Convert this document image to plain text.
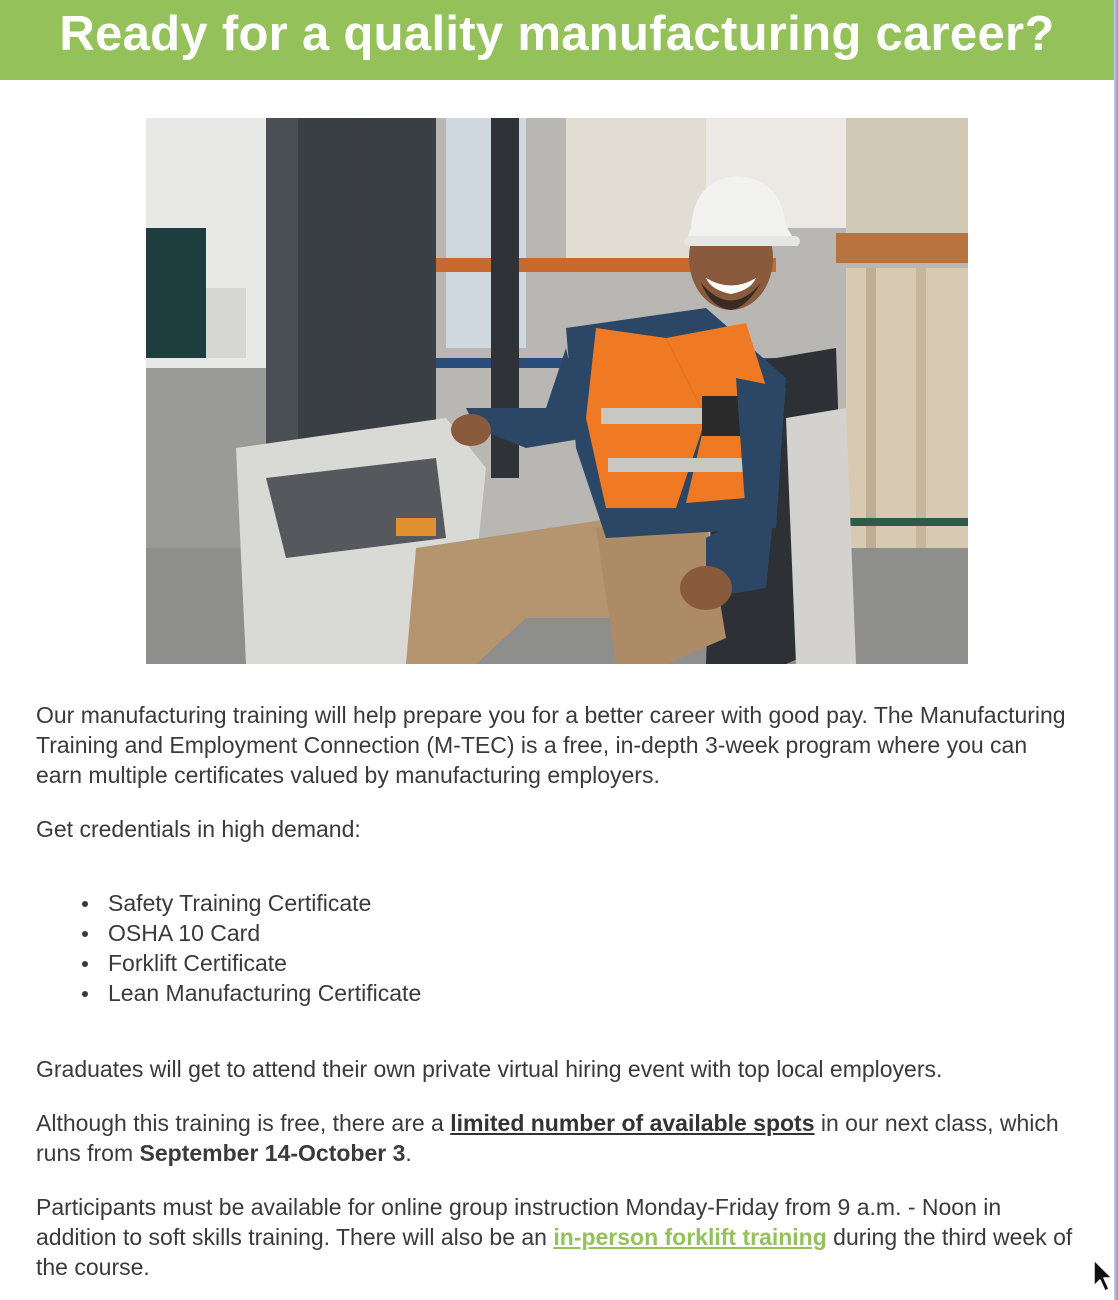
Ready for a quality manufacturing career?

Our manufacturing training will help prepare you for a better career with good pay. The Manufacturing Training and Employment Connection (M-TEC) is a free, in-depth 3-week program where you can earn multiple certificates valued by manufacturing employers.

Get credentials in high demand:

Safety Training Certificate
OSHA 10 Card
Forklift Certificate
Lean Manufacturing Certificate

Graduates will get to attend their own private virtual hiring event with top local employers.

Although this training is free, there are a limited number of available spots in our next class, which runs from September 14-October 3.

Participants must be available for online group instruction Monday-Friday from 9 a.m. - Noon in addition to soft skills training. There will also be an in-person forklift training during the third week of the course.
